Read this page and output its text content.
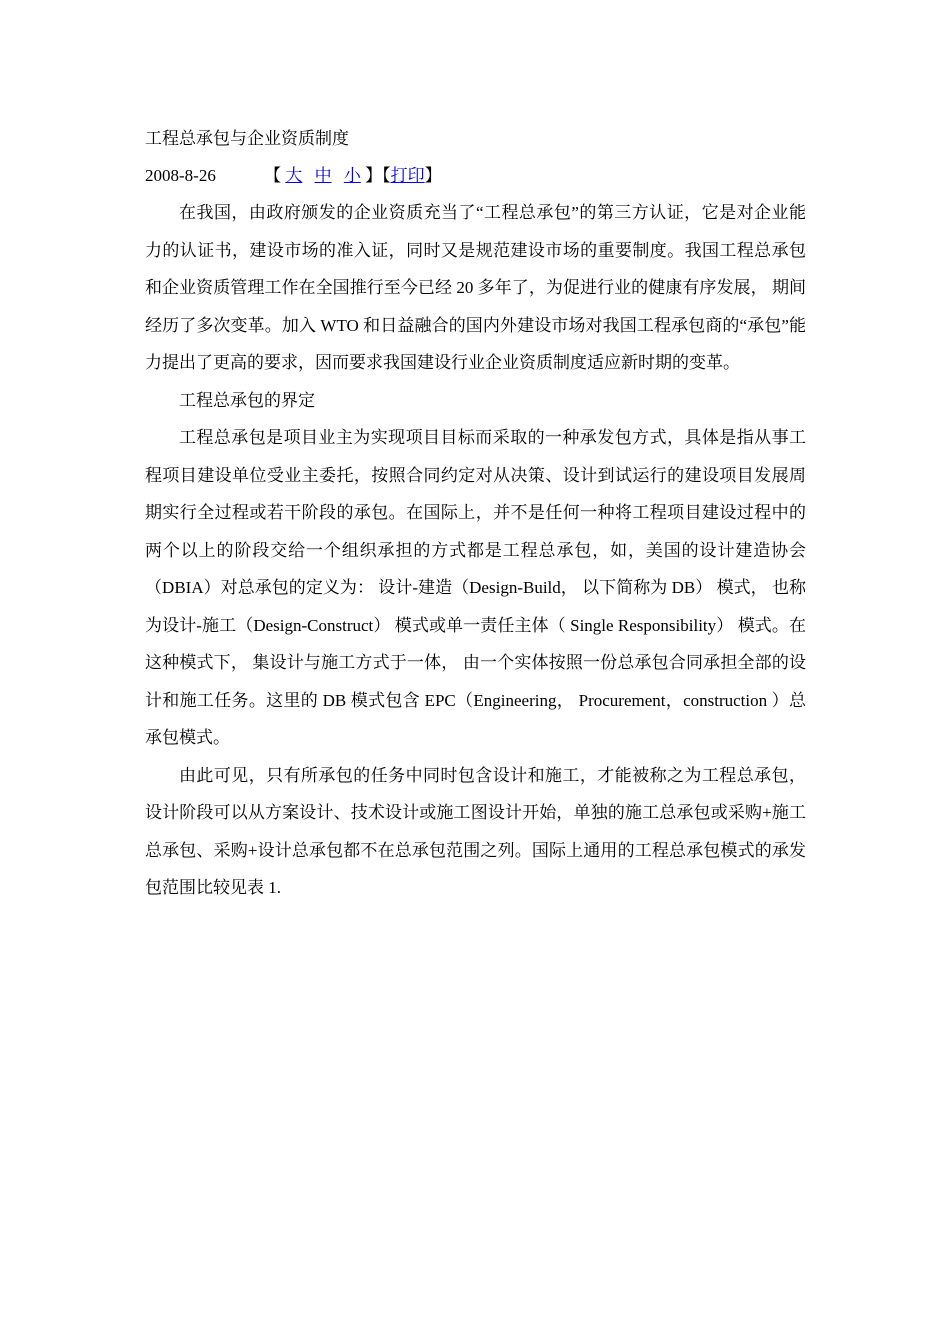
工程总承包与企业资质制度

2008-8-26	【 大 中 小 】【打印】

在我国，由政府颁发的企业资质充当了“工程总承包”的第三方认证，它是对企业能力的认证书，建设市场的准入证，同时又是规范建设市场的重要制度。我国工程总承包和企业资质管理工作在全国推行至今已经 20 多年了，为促进行业的健康有序发展， 期间经历了多次变革。加入 WTO 和日益融合的国内外建设市场对我国工程承包商的“承包”能力提出了更高的要求，因而要求我国建设行业企业资质制度适应新时期的变革。

工程总承包的界定

工程总承包是项目业主为实现项目目标而采取的一种承发包方式，具体是指从事工程项目建设单位受业主委托，按照合同约定对从决策、设计到试运行的建设项目发展周期实行全过程或若干阶段的承包。在国际上，并不是任何一种将工程项目建设过程中的两个以上的阶段交给一个组织承担的方式都是工程总承包，如，美国的设计建造协会（DBIA）对总承包的定义为： 设计-建造（Design-Build， 以下简称为 DB） 模式， 也称为设计-施工（Design-Construct） 模式或单一责任主体（ Single Responsibility） 模式。在这种模式下， 集设计与施工方式于一体， 由一个实体按照一份总承包合同承担全部的设计和施工任务。这里的 DB 模式包含 EPC（Engineering， Procurement，construction ）总承包模式。

由此可见，只有所承包的任务中同时包含设计和施工，才能被称之为工程总承包，设计阶段可以从方案设计、技术设计或施工图设计开始，单独的施工总承包或采购+施工总承包、采购+设计总承包都不在总承包范围之列。国际上通用的工程总承包模式的承发包范围比较见表 1.
